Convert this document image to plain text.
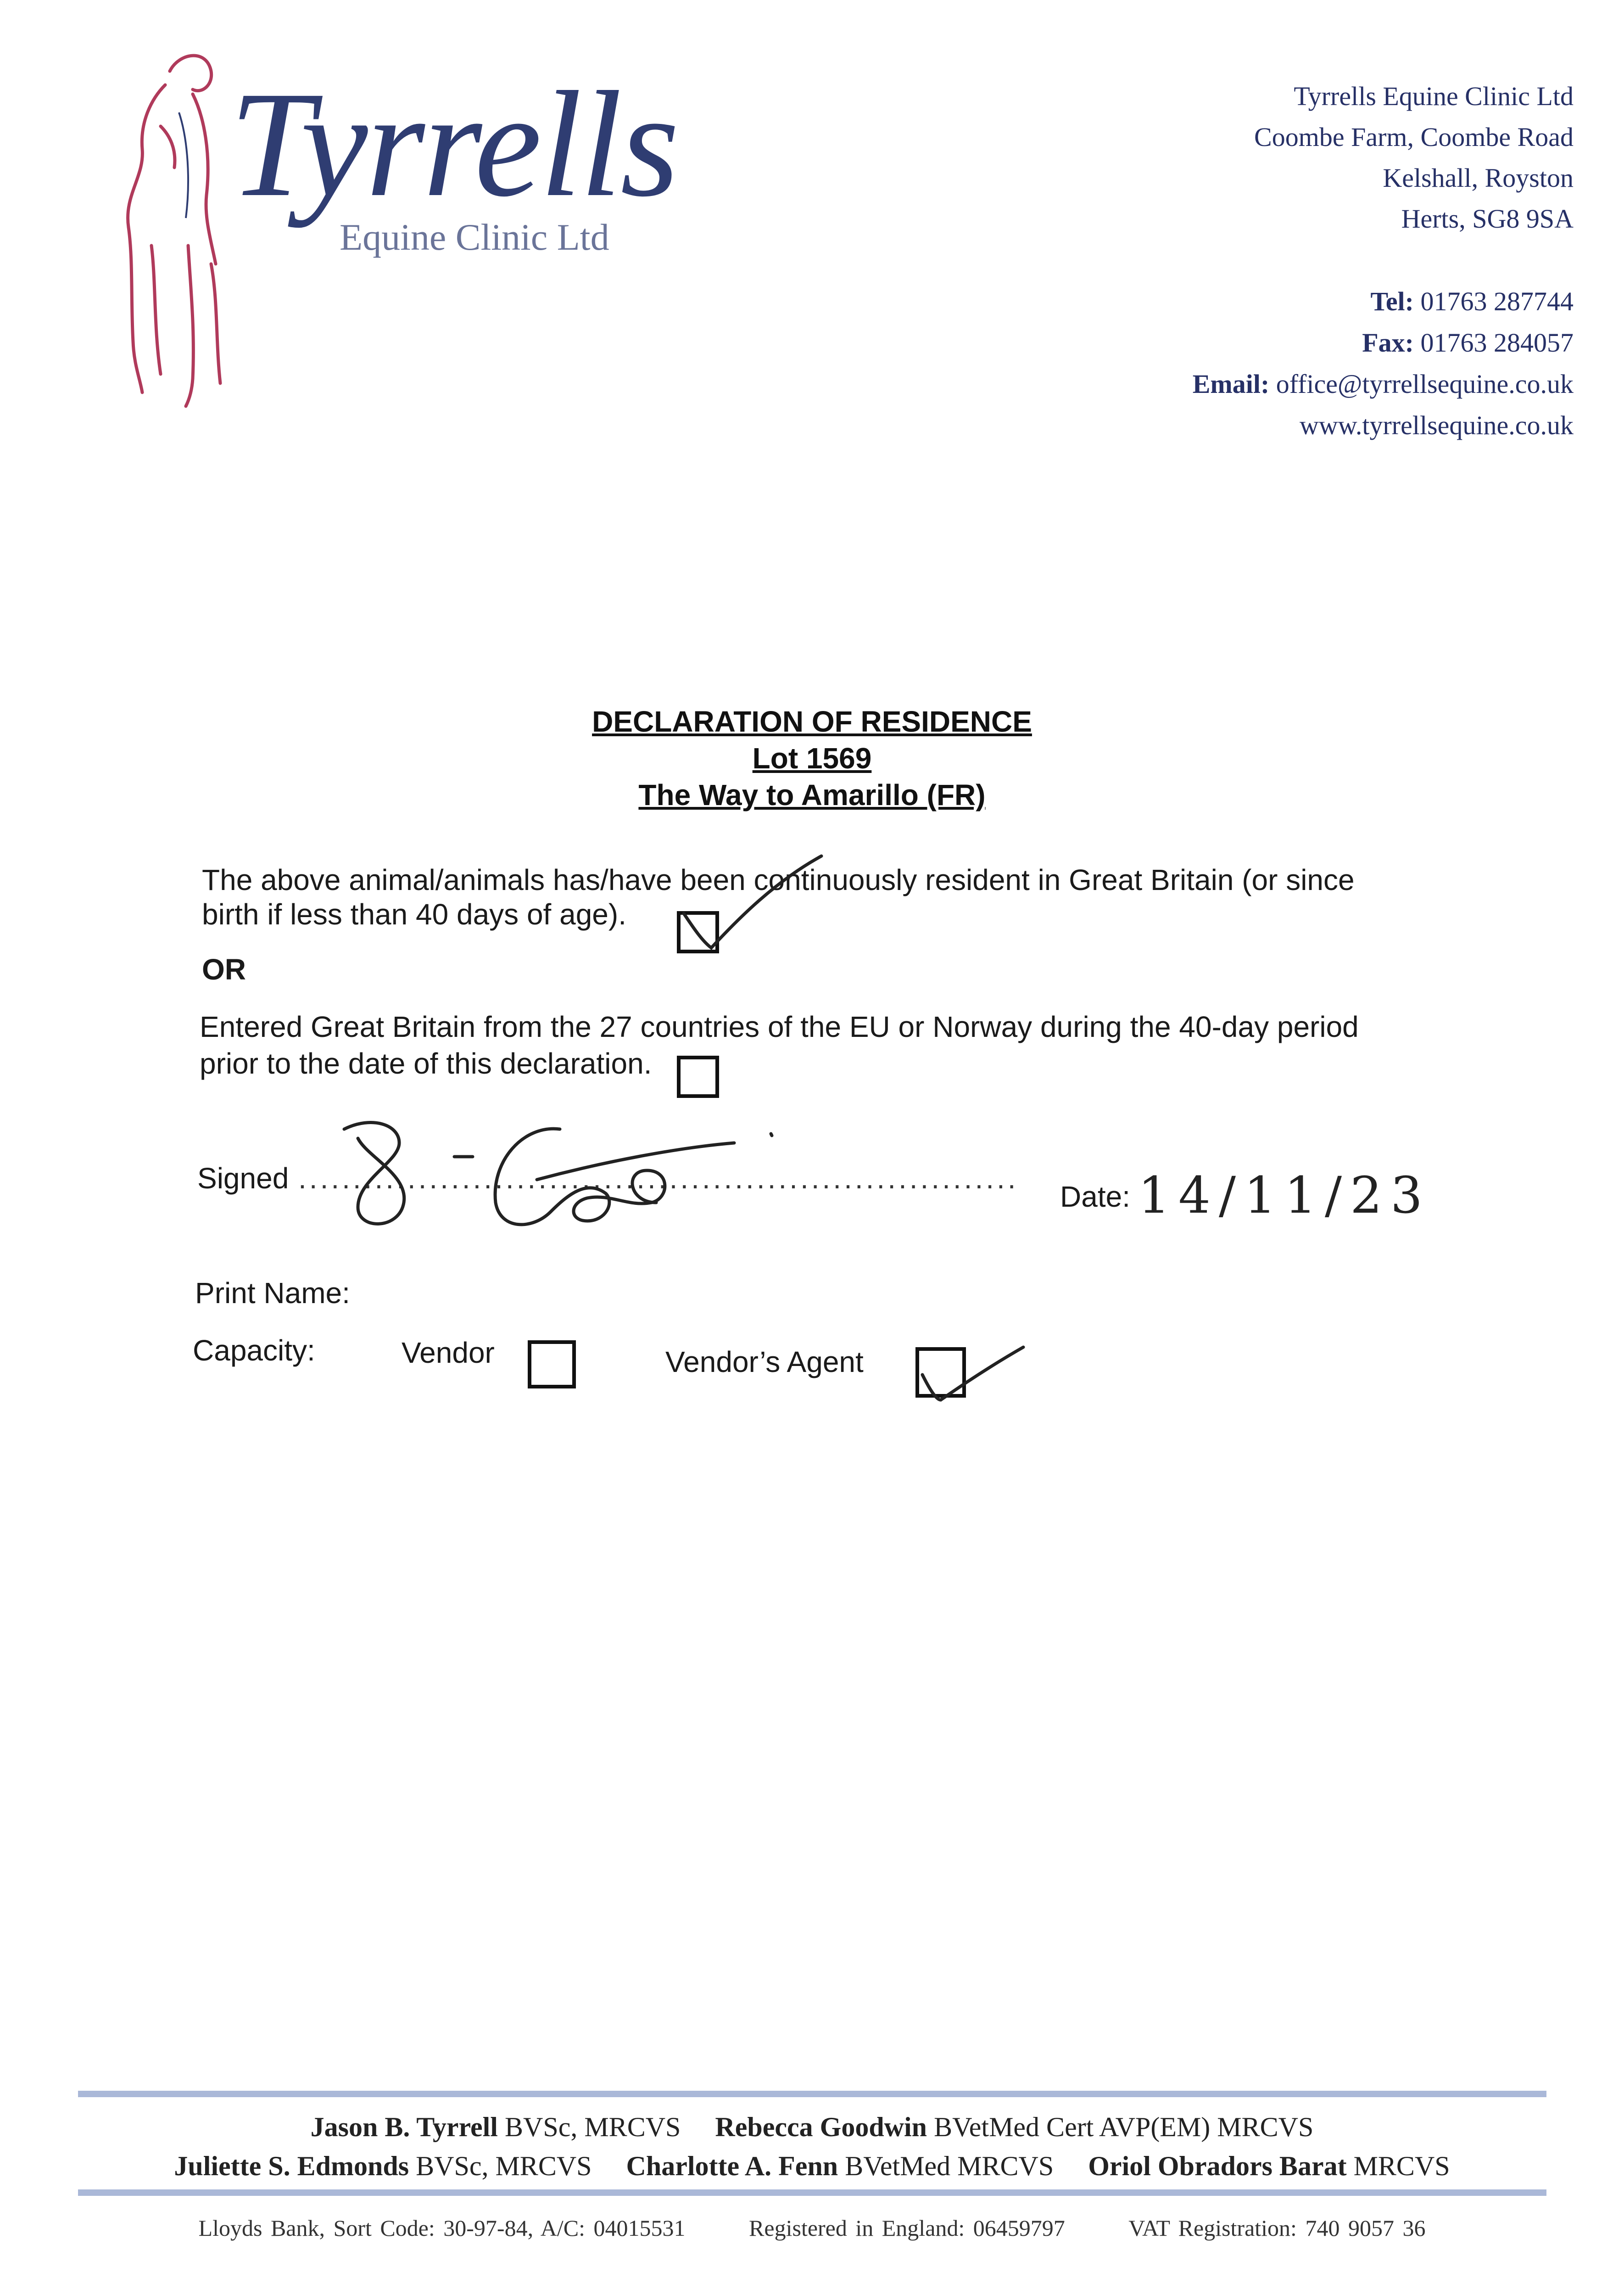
Tyrrells
Equine Clinic Ltd
Tyrrells Equine Clinic Ltd
Coombe Farm, Coombe Road
Kelshall, Royston
Herts, SG8 9SA
Tel: 01763 287744
Fax: 01763 284057
Email: office@tyrrellsequine.co.uk
www.tyrrellsequine.co.uk
DECLARATION OF RESIDENCE
Lot 1569
The Way to Amarillo (FR)
The above animal/animals has/have been continuously resident in Great Britain (or since
birth if less than 40 days of age).
OR
Entered Great Britain from the 27 countries of the EU or Norway during the 40-day period
prior to the date of this declaration.
Signed ..................................................................
Date: 14/11/23
Print Name:
Capacity:	Vendor	Vendor’s Agent
Jason B. Tyrrell BVSc, MRCVS Rebecca Goodwin BVetMed Cert AVP(EM) MRCVS
Juliette S. Edmonds BVSc, MRCVS Charlotte A. Fenn BVetMed MRCVS Oriol Obradors Barat MRCVS
Lloyds Bank, Sort Code: 30-97-84, A/C: 04015531	Registered in England: 06459797	VAT Registration: 740 9057 36
